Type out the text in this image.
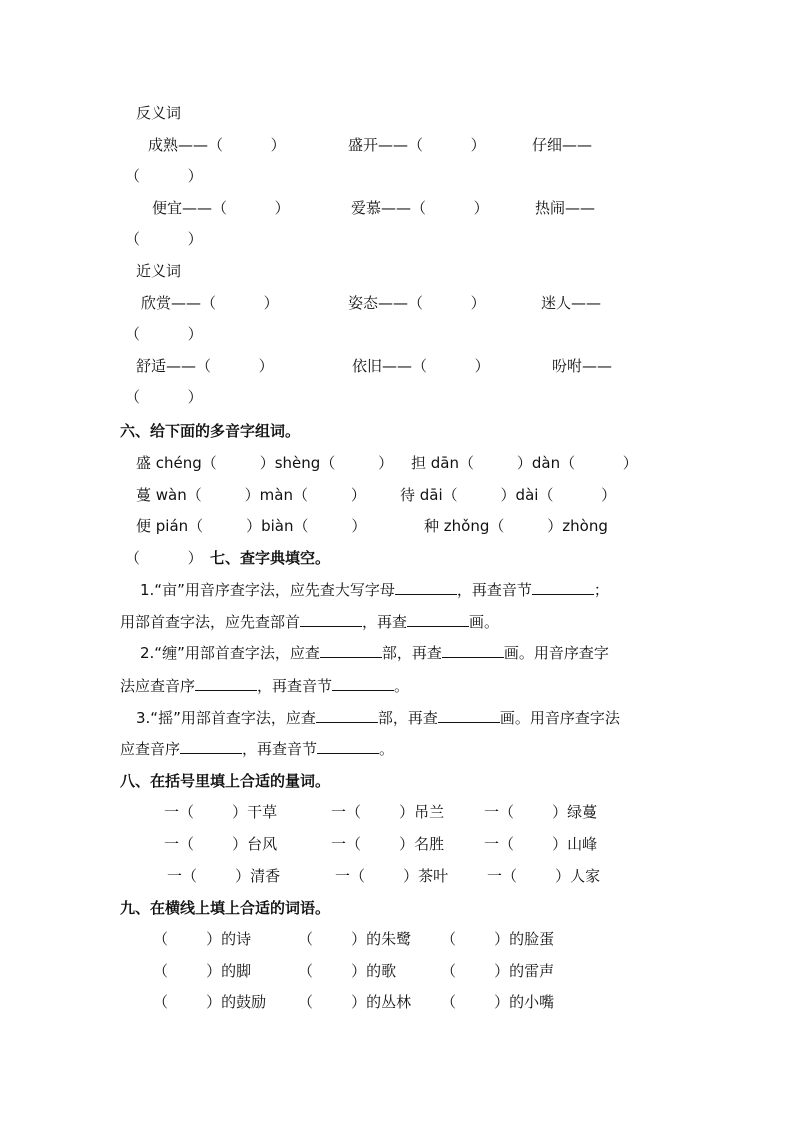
反义词
成熟——（          ）	盛开——（          ）	仔细——
（          ）
便宜——（          ）	爱慕——（          ）	热闹——
（          ）
近义词
欣赏——（          ）	姿态——（          ）	迷人——
（          ）
舒适——（          ）	依旧——（          ）	吩咐——
（          ）
六、给下面的多音字组词。
盛 chéng（         ）shèng（         ） 担 dān（         ）dàn（          ）
蔓 wàn（         ）màn（         ） 待 dāi（         ）dài（          ）
便 pián（         ）biàn（         ）	种 zhǒng（         ）zhòng
（          ） 七、查字典填空。
1.“亩”用音序查字法，应先查大写字母	，再查音节	；
用部首查字法，应先查部首	，再查	画。
2.“缠”用部首查字法，应查	部，再查	画。用音序查字
法应查音序	，再查音节	。
3.“摇”用部首查字法，应查	部，再查	画。用音序查字法
应查音序	，再查音节	。
八、在括号里填上合适的量词。
一（        ）干草	一（        ）吊兰	一（        ）绿蔓
一（        ）台风	一（        ）名胜	一（        ）山峰
一（        ）清香	一（        ）茶叶	一（        ）人家
九、在横线上填上合适的词语。
（        ）的诗	（        ）的朱鹭 （        ）的脸蛋
（        ）的脚	（        ）的歌	（        ）的雷声
（        ）的鼓励 （        ）的丛林 （        ）的小嘴
